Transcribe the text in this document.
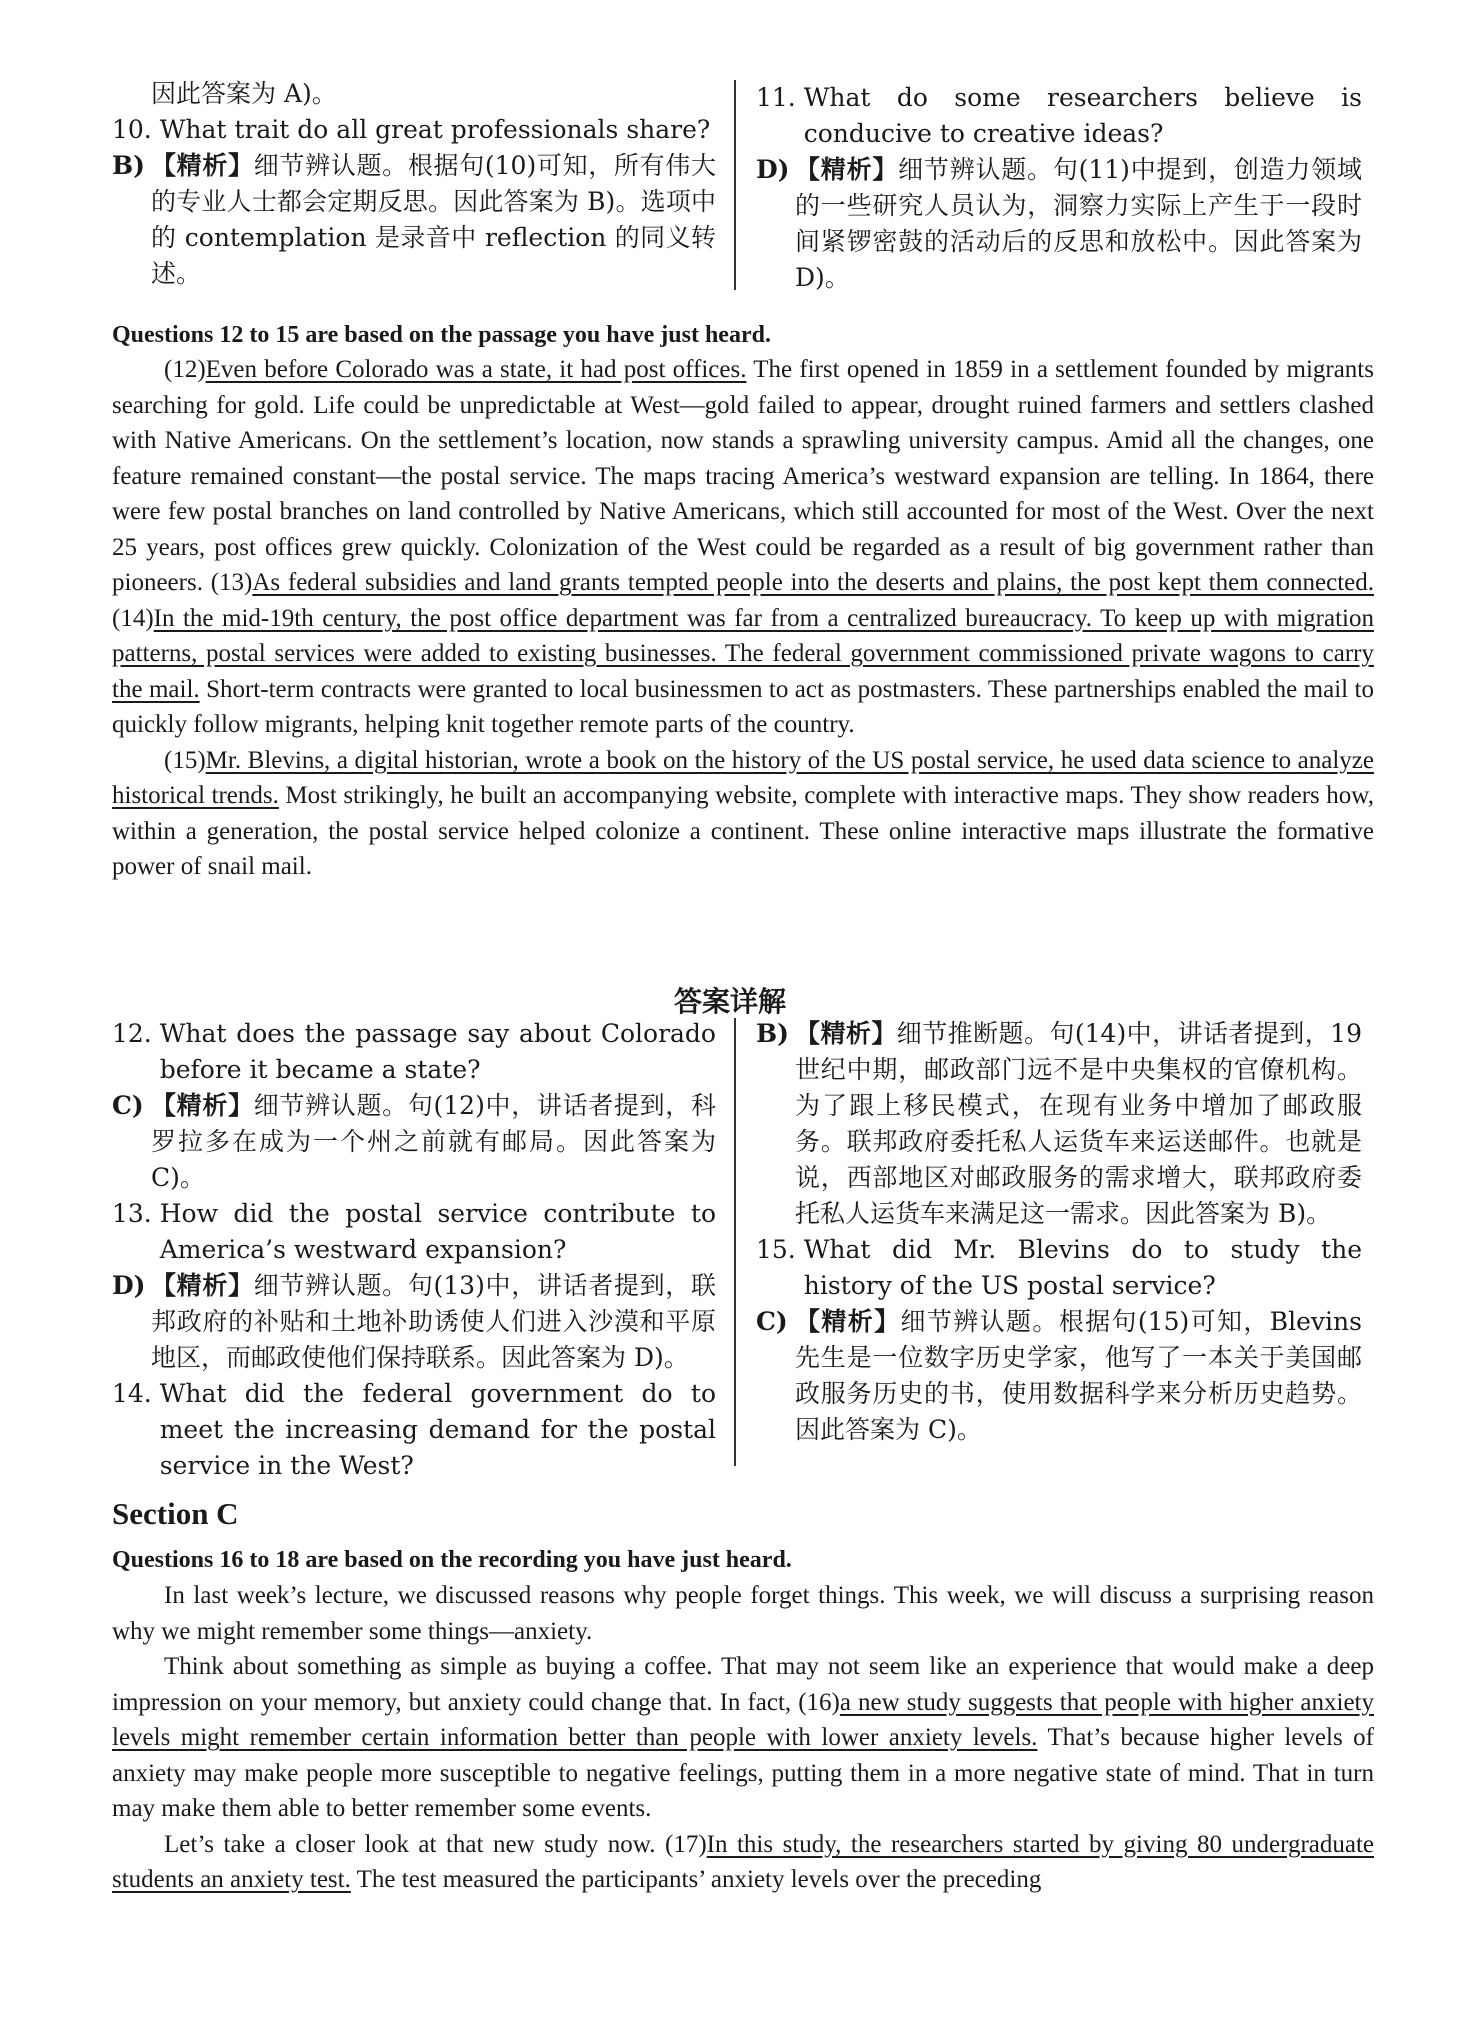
因此答案为 A)。

10. What trait do all great professionals share?
B) 【精析】细节辨认题。根据句(10)可知，所有伟大的专业人士都会定期反思。因此答案为 B)。选项中的 contemplation 是录音中 reflection 的同义转述。
11. What do some researchers believe is conducive to creative ideas?
D) 【精析】细节辨认题。句(11)中提到，创造力领域的一些研究人员认为，洞察力实际上产生于一段时间紧锣密鼓的活动后的反思和放松中。因此答案为 D)。
Questions 12 to 15 are based on the passage you have just heard.

(12)Even before Colorado was a state, it had post offices. The first opened in 1859 in a settlement founded by migrants searching for gold. Life could be unpredictable at West—gold failed to appear, drought ruined farmers and settlers clashed with Native Americans. On the settlement’s location, now stands a sprawling university campus. Amid all the changes, one feature remained constant—the postal service. The maps tracing America’s westward expansion are telling. In 1864, there were few postal branches on land controlled by Native Americans, which still accounted for most of the West. Over the next 25 years, post offices grew quickly. Colonization of the West could be regarded as a result of big government rather than pioneers. (13)As federal subsidies and land grants tempted people into the deserts and plains, the post kept them connected. (14)In the mid-19th century, the post office department was far from a centralized bureaucracy. To keep up with migration patterns, postal services were added to existing businesses. The federal government commissioned private wagons to carry the mail. Short-term contracts were granted to local businessmen to act as postmasters. These partnerships enabled the mail to quickly follow migrants, helping knit together remote parts of the country.

(15)Mr. Blevins, a digital historian, wrote a book on the history of the US postal service, he used data science to analyze historical trends. Most strikingly, he built an accompanying website, complete with interactive maps. They show readers how, within a generation, the postal service helped colonize a continent. These online interactive maps illustrate the formative power of snail mail.

答案详解
12. What does the passage say about Colorado before it became a state?
C) 【精析】细节辨认题。句(12)中，讲话者提到，科罗拉多在成为一个州之前就有邮局。因此答案为 C)。
13. How did the postal service contribute to America’s westward expansion?
D) 【精析】细节辨认题。句(13)中，讲话者提到，联邦政府的补贴和土地补助诱使人们进入沙漠和平原地区，而邮政使他们保持联系。因此答案为 D)。
14. What did the federal government do to meet the increasing demand for the postal service in the West?
B) 【精析】细节推断题。句(14)中，讲话者提到，19 世纪中期，邮政部门远不是中央集权的官僚机构。为了跟上移民模式，在现有业务中增加了邮政服务。联邦政府委托私人运货车来运送邮件。也就是说，西部地区对邮政服务的需求增大，联邦政府委托私人运货车来满足这一需求。因此答案为 B)。
15. What did Mr. Blevins do to study the history of the US postal service?
C) 【精析】细节辨认题。根据句(15)可知，Blevins 先生是一位数字历史学家，他写了一本关于美国邮政服务历史的书，使用数据科学来分析历史趋势。因此答案为 C)。
Section C
Questions 16 to 18 are based on the recording you have just heard.

In last week’s lecture, we discussed reasons why people forget things. This week, we will discuss a surprising reason why we might remember some things—anxiety.

Think about something as simple as buying a coffee. That may not seem like an experience that would make a deep impression on your memory, but anxiety could change that. In fact, (16)a new study suggests that people with higher anxiety levels might remember certain information better than people with lower anxiety levels. That’s because higher levels of anxiety may make people more susceptible to negative feelings, putting them in a more negative state of mind. That in turn may make them able to better remember some events.

Let’s take a closer look at that new study now. (17)In this study, the researchers started by giving 80 undergraduate students an anxiety test. The test measured the participants’ anxiety levels over the preceding
